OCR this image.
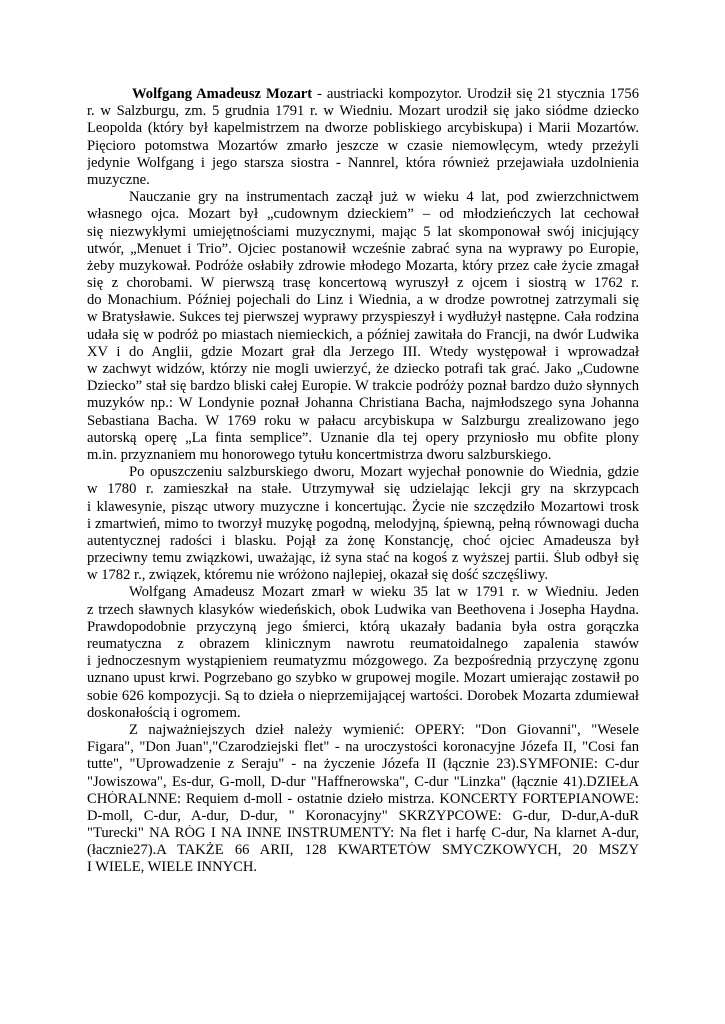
Wolfgang Amadeusz Mozart - austriacki kompozytor. Urodził się 21 stycznia 1756
r. w Salzburgu, zm. 5 grudnia 1791 r. w Wiedniu. Mozart urodził się jako siódme dziecko
Leopolda (który był kapelmistrzem na dworze pobliskiego arcybiskupa) i Marii Mozartów.
Pięcioro potomstwa Mozartów zmarło jeszcze w czasie niemowlęcym, wtedy przeżyli
jedynie Wolfgang i jego starsza siostra - Nannrel, która również przejawiała uzdolnienia
muzyczne.
Nauczanie gry na instrumentach zaczął już w wieku 4 lat, pod zwierzchnictwem
własnego ojca. Mozart był „cudownym dzieckiem” – od młodzieńczych lat cechował
się niezwykłymi umiejętnościami muzycznymi, mając 5 lat skomponował swój inicjujący
utwór, „Menuet i Trio”. Ojciec postanowił wcześnie zabrać syna na wyprawy po Europie,
żeby muzykował. Podróże osłabiły zdrowie młodego Mozarta, który przez całe życie zmagał
się z chorobami. W pierwszą trasę koncertową wyruszył z ojcem i siostrą w 1762 r.
do Monachium. Później pojechali do Linz i Wiednia, a w drodze powrotnej zatrzymali się
w Bratysławie. Sukces tej pierwszej wyprawy przyspieszył i wydłużył następne. Cała rodzina
udała się w podróż po miastach niemieckich, a później zawitała do Francji, na dwór Ludwika
XV i do Anglii, gdzie Mozart grał dla Jerzego III. Wtedy występował i wprowadzał
w zachwyt widzów, którzy nie mogli uwierzyć, że dziecko potrafi tak grać. Jako „Cudowne
Dziecko” stał się bardzo bliski całej Europie. W trakcie podróży poznał bardzo dużo słynnych
muzyków np.: W Londynie poznał Johanna Christiana Bacha, najmłodszego syna Johanna
Sebastiana Bacha. W 1769 roku w pałacu arcybiskupa w Salzburgu zrealizowano jego
autorską operę „La finta semplice”. Uznanie dla tej opery przyniosło mu obfite plony
m.in. przyznaniem mu honorowego tytułu koncertmistrza dworu salzburskiego.
Po opuszczeniu salzburskiego dworu, Mozart wyjechał ponownie do Wiednia, gdzie
w 1780 r. zamieszkał na stałe. Utrzymywał się udzielając lekcji gry na skrzypcach
i klawesynie, pisząc utwory muzyczne i koncertując. Życie nie szczędziło Mozartowi trosk
i zmartwień, mimo to tworzył muzykę pogodną, melodyjną, śpiewną, pełną równowagi ducha
autentycznej radości i blasku. Pojął za żonę Konstancję, choć ojciec Amadeusza był
przeciwny temu związkowi, uważając, iż syna stać na kogoś z wyższej partii. Ślub odbył się
w 1782 r., związek, któremu nie wróżono najlepiej, okazał się dość szczęśliwy.
Wolfgang Amadeusz Mozart zmarł w wieku 35 lat w 1791 r. w Wiedniu. Jeden
z trzech sławnych klasyków wiedeńskich, obok Ludwika van Beethovena i Josepha Haydna.
Prawdopodobnie przyczyną jego śmierci, którą ukazały badania była ostra gorączka
reumatyczna z obrazem klinicznym nawrotu reumatoidalnego zapalenia stawów
i jednoczesnym wystąpieniem reumatyzmu mózgowego. Za bezpośrednią przyczynę zgonu
uznano upust krwi. Pogrzebano go szybko w grupowej mogile. Mozart umierając zostawił po
sobie 626 kompozycji. Są to dzieła o nieprzemijającej wartości. Dorobek Mozarta zdumiewał
doskonałością i ogromem.
Z najważniejszych dzieł należy wymienić: OPERY: "Don Giovanni", "Wesele
Figara", "Don Juan","Czarodziejski flet" - na uroczystości koronacyjne Józefa II, "Cosi fan
tutte", "Uprowadzenie z Seraju" - na życzenie Józefa II (łącznie 23).SYMFONIE: C-dur
"Jowiszowa", Es-dur, G-moll, D-dur "Haffnerowska", C-dur "Linzka" (łącznie 41).DZIEŁA
CHÓRALNNE: Requiem d-moll - ostatnie dzieło mistrza. KONCERTY FORTEPIANOWE:
D-moll, C-dur, A-dur, D-dur, " Koronacyjny" SKRZYPCOWE: G-dur, D-dur,A-duR
"Turecki" NA RÓG I NA INNE INSTRUMENTY: Na flet i harfę C-dur, Na klarnet A-dur,
(łacznie27).A TAKŻE 66 ARII, 128 KWARTETÓW SMYCZKOWYCH, 20 MSZY
I WIELE, WIELE INNYCH.
